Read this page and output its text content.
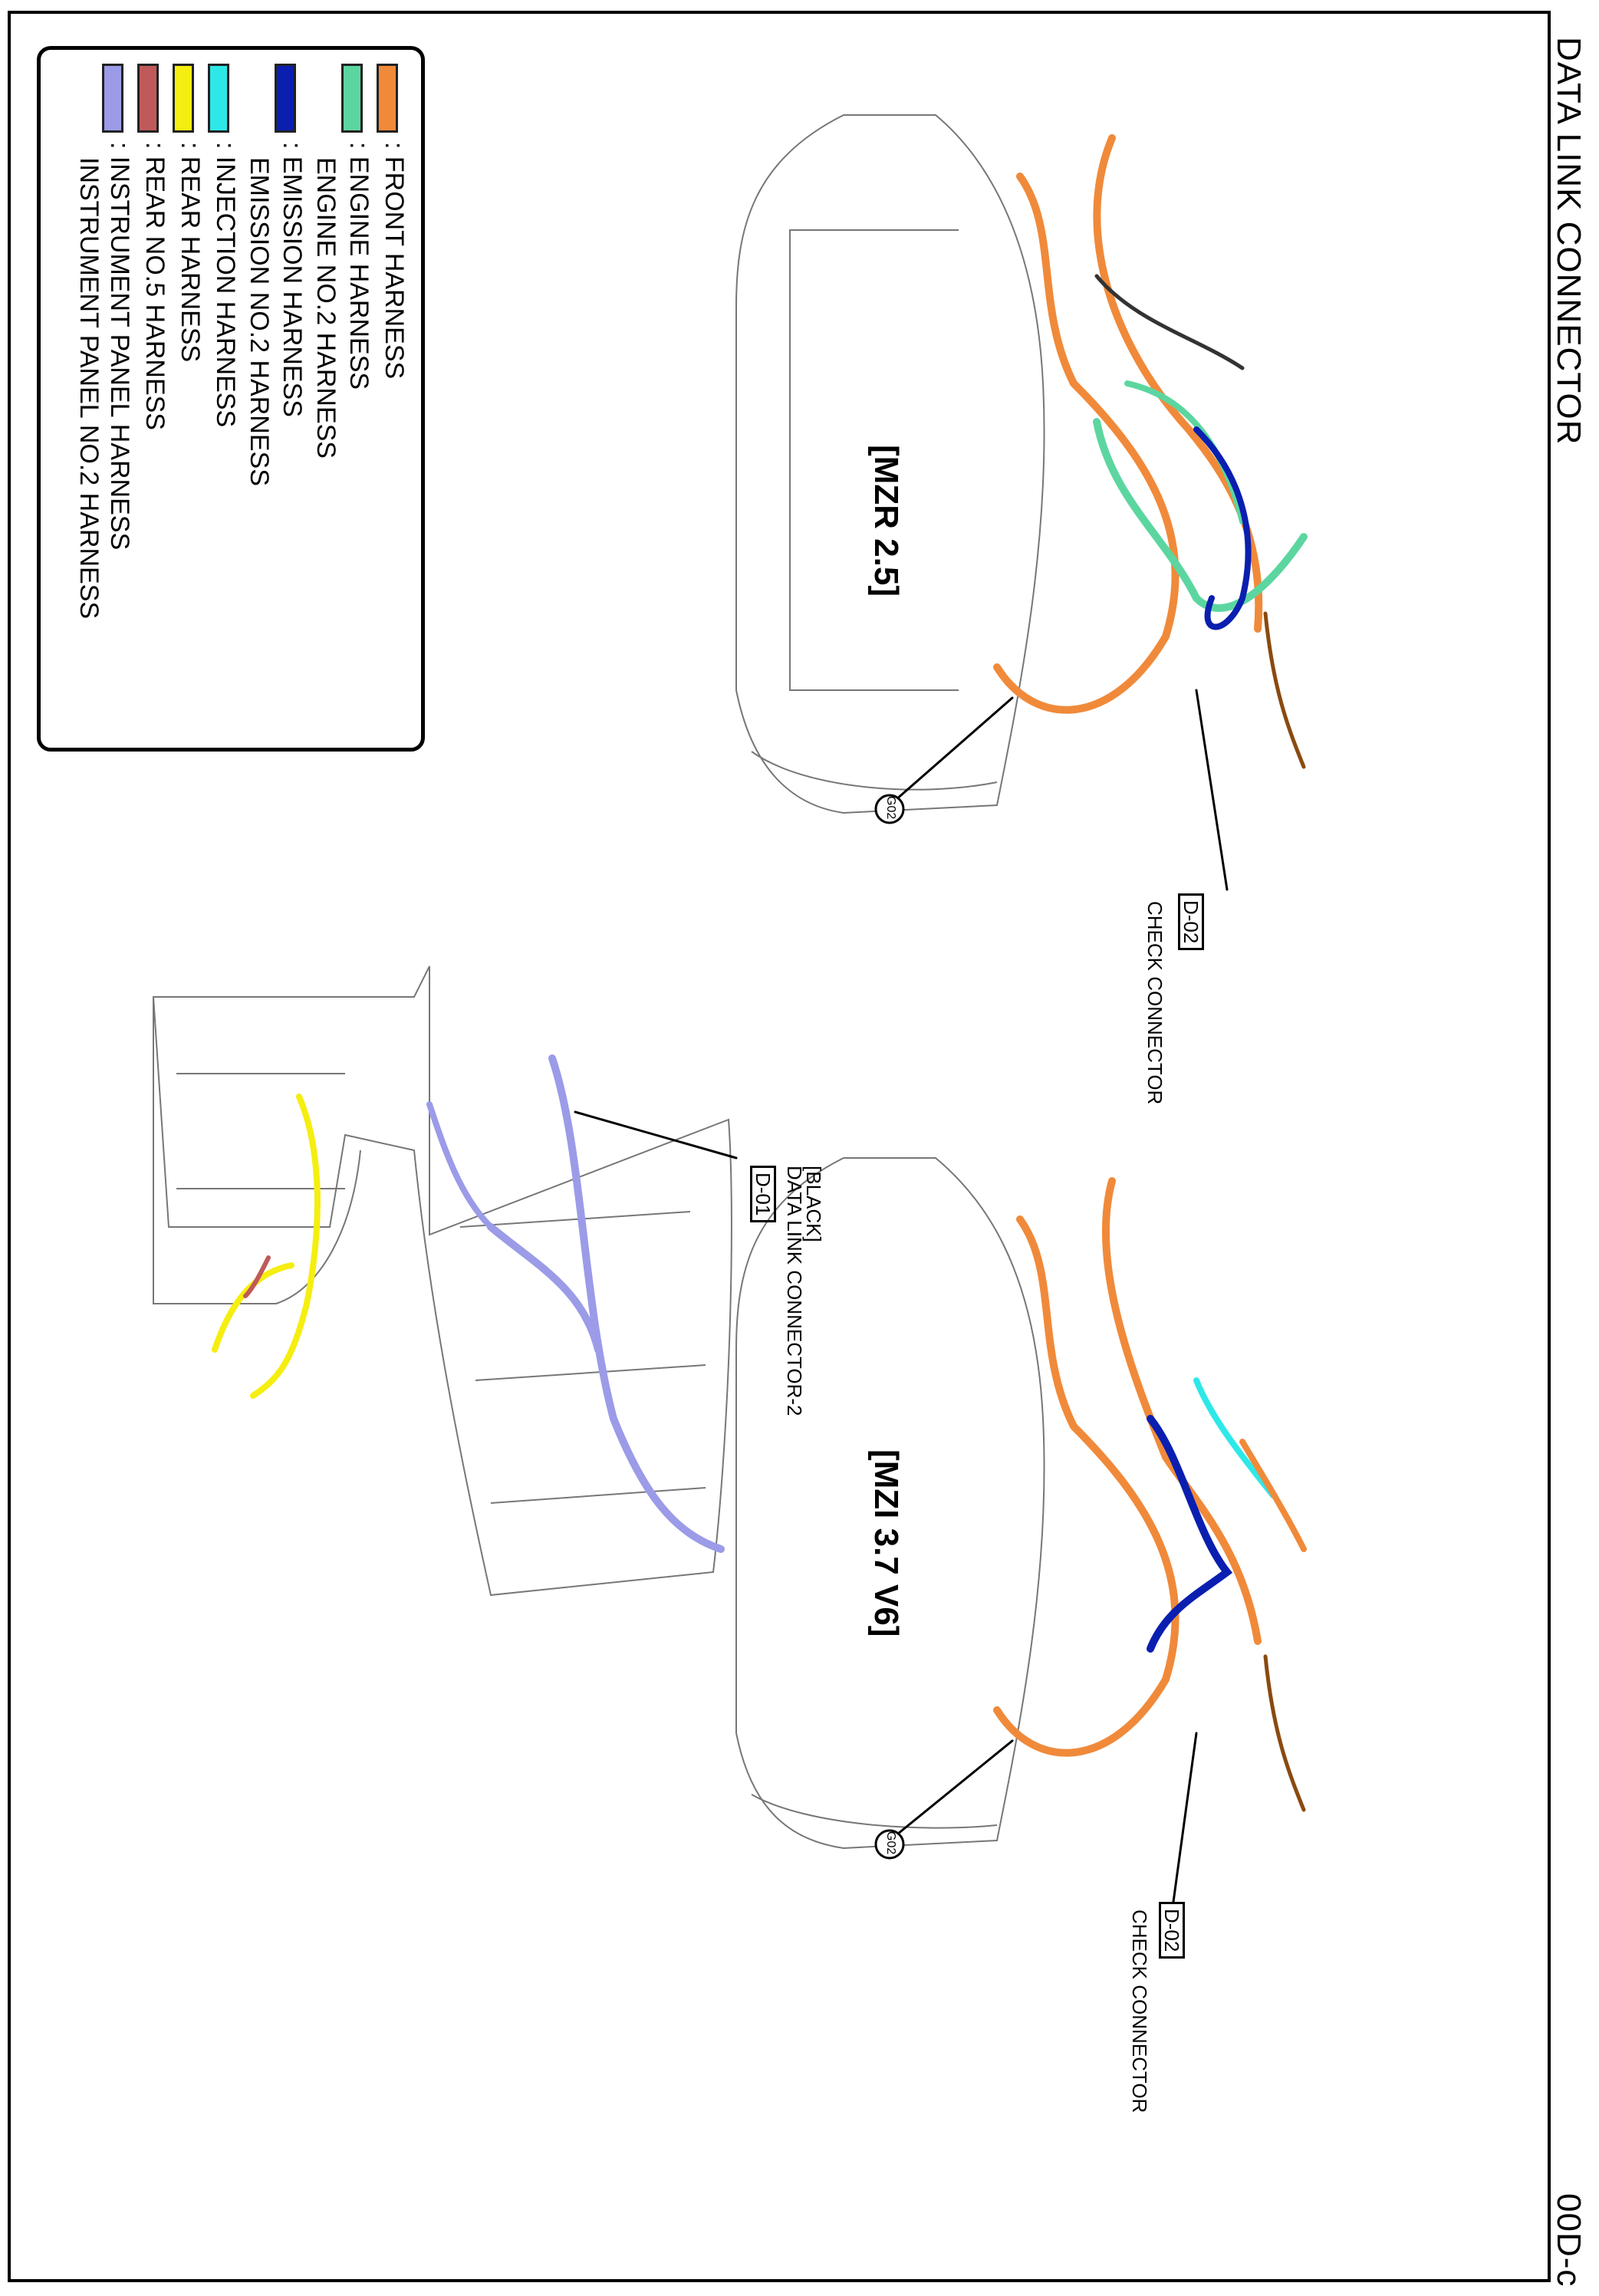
DATA LINK CONNECTOR
00D-c
: FRONT HARNESS
: ENGINE HARNESS
ENGINE NO.2 HARNESS
: EMISSION HARNESS
EMISSION NO.2 HARNESS
: INJECTION HARNESS
: REAR HARNESS
: REAR NO.5 HARNESS
: INSTRUMENT PANEL HARNESS
INSTRUMENT PANEL NO.2 HARNESS	[MZR 2.5]
G02
D-02
CHECK CONNECTOR
[MZI 3.7 V6]
G02
D-02
CHECK CONNECTOR
[BLACK]
DATA LINK CONNECTOR-2
D-01
